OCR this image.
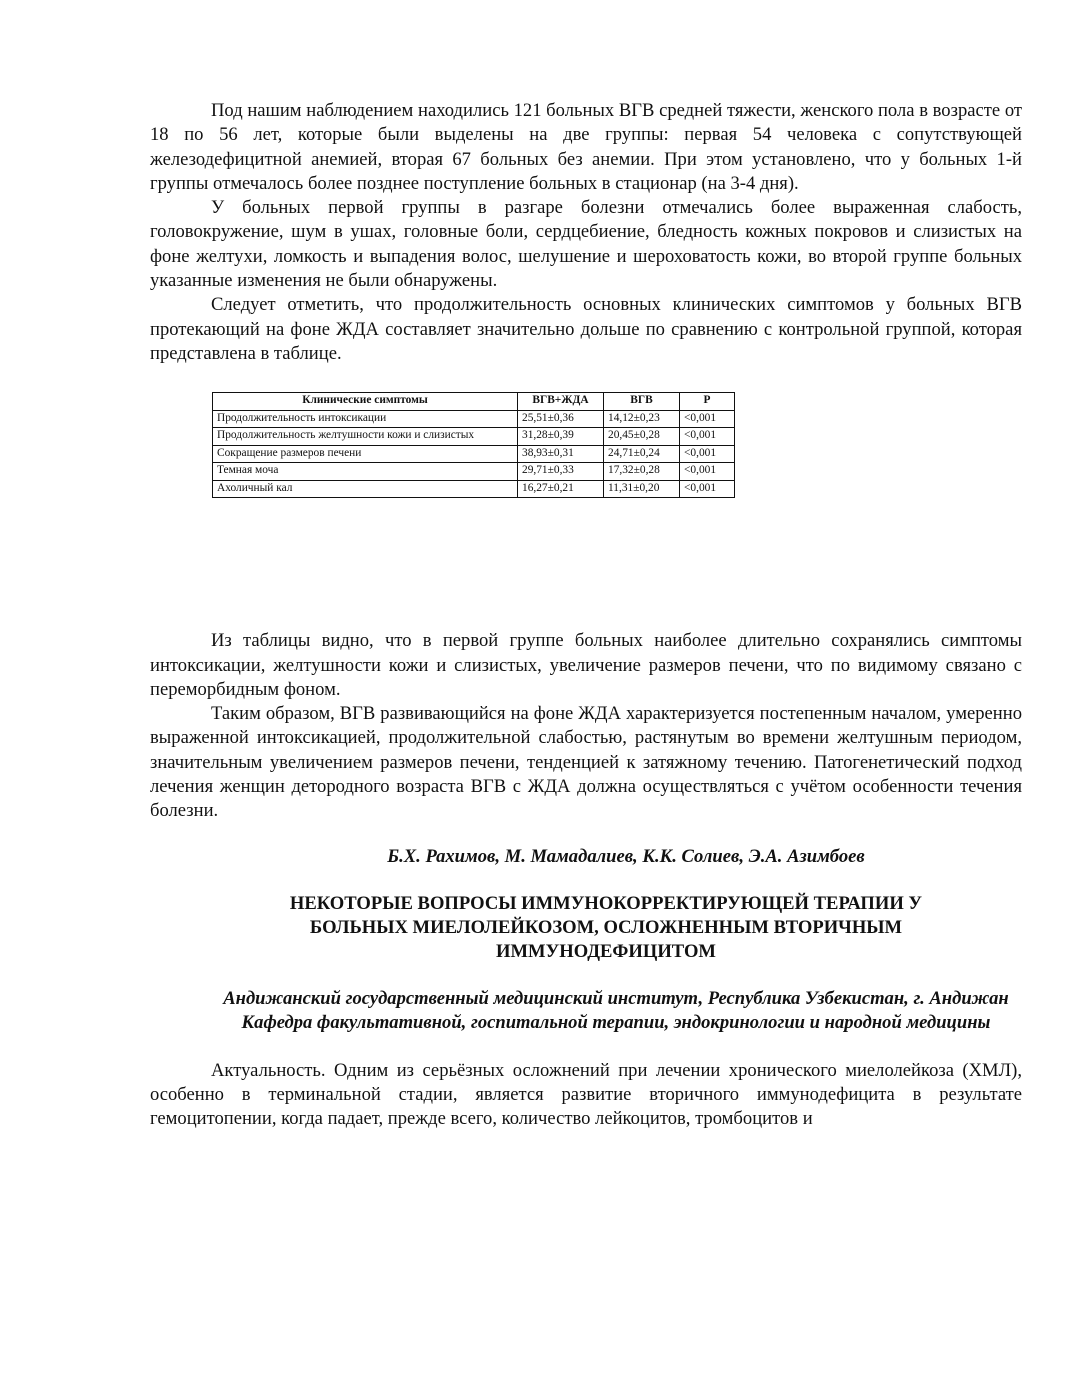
Под нашим наблюдением находились 121 больных ВГВ средней тяжести, женского пола в возрасте от 18 по 56 лет, которые были выделены на две группы: первая 54 человека с сопутствующей железодефицитной анемией, вторая 67 больных без анемии. При этом установлено, что у больных 1-й группы отмечалось более позднее поступление больных в стационар (на 3-4 дня).

У больных первой группы в разгаре болезни отмечались более выраженная слабость, головокружение, шум в ушах, головные боли, сердцебиение, бледность кожных покровов и слизистых на фоне желтухи, ломкость и выпадения волос, шелушение и шероховатость кожи, во второй группе больных указанные изменения не были обнаружены.

Следует отметить, что продолжительность основных клинических симптомов у больных ВГВ протекающий на фоне ЖДА составляет значительно дольше по сравнению с контрольной группой, которая представлена в таблице.

Клинические симптомы	ВГВ+ЖДА	ВГВ	P
Продолжительность интоксикации	25,51±0,36	14,12±0,23	<0,001
Продолжительность желтушности кожи и слизистых	31,28±0,39	20,45±0,28	<0,001
Сокращение размеров печени	38,93±0,31	24,71±0,24	<0,001
Темная моча	29,71±0,33	17,32±0,28	<0,001
Ахоличный кал	16,27±0,21	11,31±0,20	<0,001

Из таблицы видно, что в первой группе больных наиболее длительно сохранялись симптомы интоксикации, желтушности кожи и слизистых, увеличение размеров печени, что по видимому связано с переморбидным фоном.

Таким образом, ВГВ развивающийся на фоне ЖДА характеризуется постепенным началом, умеренно выраженной интоксикацией, продолжительной слабостью, растянутым во времени желтушным периодом, значительным увеличением размеров печени, тенденцией к затяжному течению. Патогенетический подход лечения женщин детородного возраста ВГВ с ЖДА должна осуществляться с учётом особенности течения болезни.

Б.Х. Рахимов, М. Мамадалиев, К.К. Солиев, Э.А. Азимбоев

НЕКОТОРЫЕ ВОПРОСЫ ИММУНОКОРРЕКТИРУЮЩЕЙ ТЕРАПИИ У
БОЛЬНЫХ МИЕЛОЛЕЙКОЗОМ, ОСЛОЖНЕННЫМ ВТОРИЧНЫМ
ИММУНОДЕФИЦИТОМ
Андижанский государственный медицинский институт, Республика Узбекистан, г. Андижан
Кафедра факультативной, госпитальной терапии, эндокринологии и народной медицины

Актуальность. Одним из серьёзных осложнений при лечении хронического миелолейкоза (ХМЛ), особенно в терминальной стадии, является развитие вторичного иммунодефицита в результате гемоцитопении, когда падает, прежде всего, количество лейкоцитов, тромбоцитов и
